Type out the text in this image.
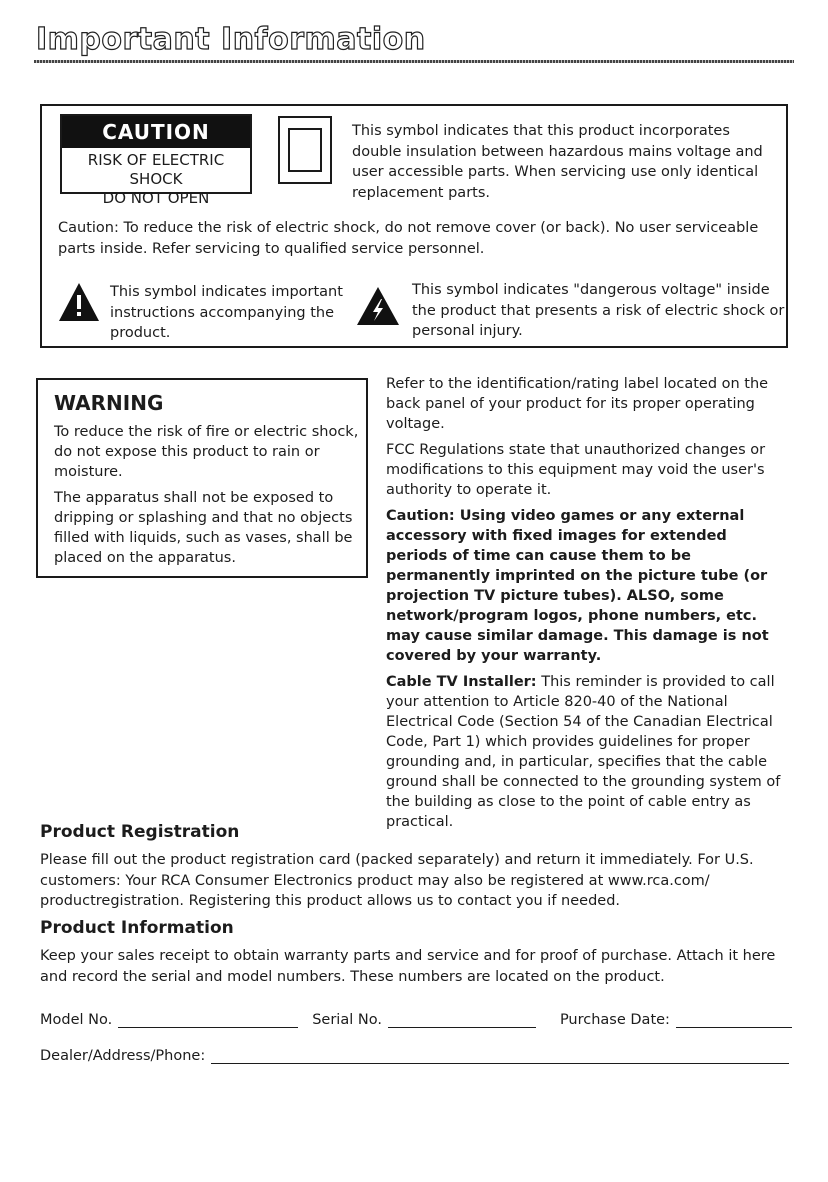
Important Information
CAUTION
RISK OF ELECTRIC SHOCK
DO NOT OPEN
This symbol indicates that this product incorporates double insulation between hazardous mains voltage and user accessible parts. When servicing use only identical replacement parts.
Caution: To reduce the risk of electric shock, do not remove cover (or back). No user serviceable parts inside. Refer servicing to qualified service personnel.
This symbol indicates important instructions accompanying the product.
This symbol indicates "dangerous voltage" inside the product that presents a risk of electric shock or personal injury.
WARNING

To reduce the risk of fire or electric shock, do not expose this product to rain or moisture.

The apparatus shall not be exposed to dripping or splashing and that no objects filled with liquids, such as vases, shall be placed on the apparatus.

Refer to the identification/rating label located on the back panel of your product for its proper operating voltage.

FCC Regulations state that unauthorized changes or modifications to this equipment may void the user's authority to operate it.

Caution: Using video games or any external accessory with fixed images for extended periods of time can cause them to be permanently imprinted on the picture tube (or projection TV picture tubes). ALSO, some network/program logos, phone numbers, etc. may cause similar damage. This damage is not covered by your warranty.

Cable TV Installer: This reminder is provided to call your attention to Article 820-40 of the National Electrical Code (Section 54 of the Canadian Electrical Code, Part 1) which provides guidelines for proper grounding and, in particular, specifies that the cable ground shall be connected to the grounding system of the building as close to the point of cable entry as practical.

Product Registration

Please fill out the product registration card (packed separately) and return it immediately. For U.S. customers: Your RCA Consumer Electronics product may also be registered at www.rca.com/ productregistration. Registering this product allows us to contact you if needed.

Product Information

Keep your sales receipt to obtain warranty parts and service and for proof of purchase. Attach it here and record the serial and model numbers. These numbers are located on the product.

Model No.	Serial No.	Purchase Date:
Dealer/Address/Phone:
